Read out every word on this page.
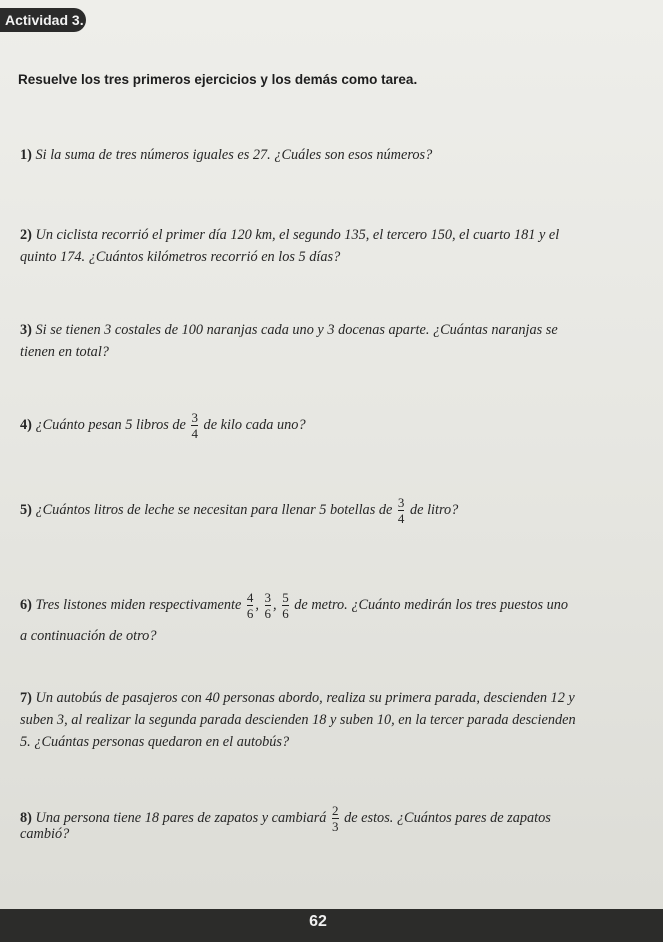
Actividad 3.
Resuelve los tres primeros ejercicios y los demás como tarea.
1) Si la suma de tres números iguales es 27. ¿Cuáles son esos números?
2) Un ciclista recorrió el primer día 120 km, el segundo 135, el tercero 150, el cuarto 181 y el
quinto 174. ¿Cuántos kilómetros recorrió en los 5 días?
3) Si se tienen 3 costales de 100 naranjas cada uno y 3 docenas aparte. ¿Cuántas naranjas se
tienen en total?
4) ¿Cuánto pesan 5 libros de $\frac{3}{4}$ de kilo cada uno?
5) ¿Cuántos litros de leche se necesitan para llenar 5 botellas de $\frac{3}{4}$ de litro?
6) Tres listones miden respectivamente $\frac{4}{6}$ , $\frac{3}{6}$ , $\frac{5}{6}$ de metro. ¿Cuánto medirán los tres puestos uno
a continuación de otro?
7) Un autobús de pasajeros con 40 personas abordo, realiza su primera parada, descienden 12 y
suben 3, al realizar la segunda parada descienden 18 y suben 10, en la tercer parada descienden
5. ¿Cuántas personas quedaron en el autobús?
8) Una persona tiene 18 pares de zapatos y cambiará $\frac{2}{3}$ de estos. ¿Cuántos pares de zapatos
cambió?
62
